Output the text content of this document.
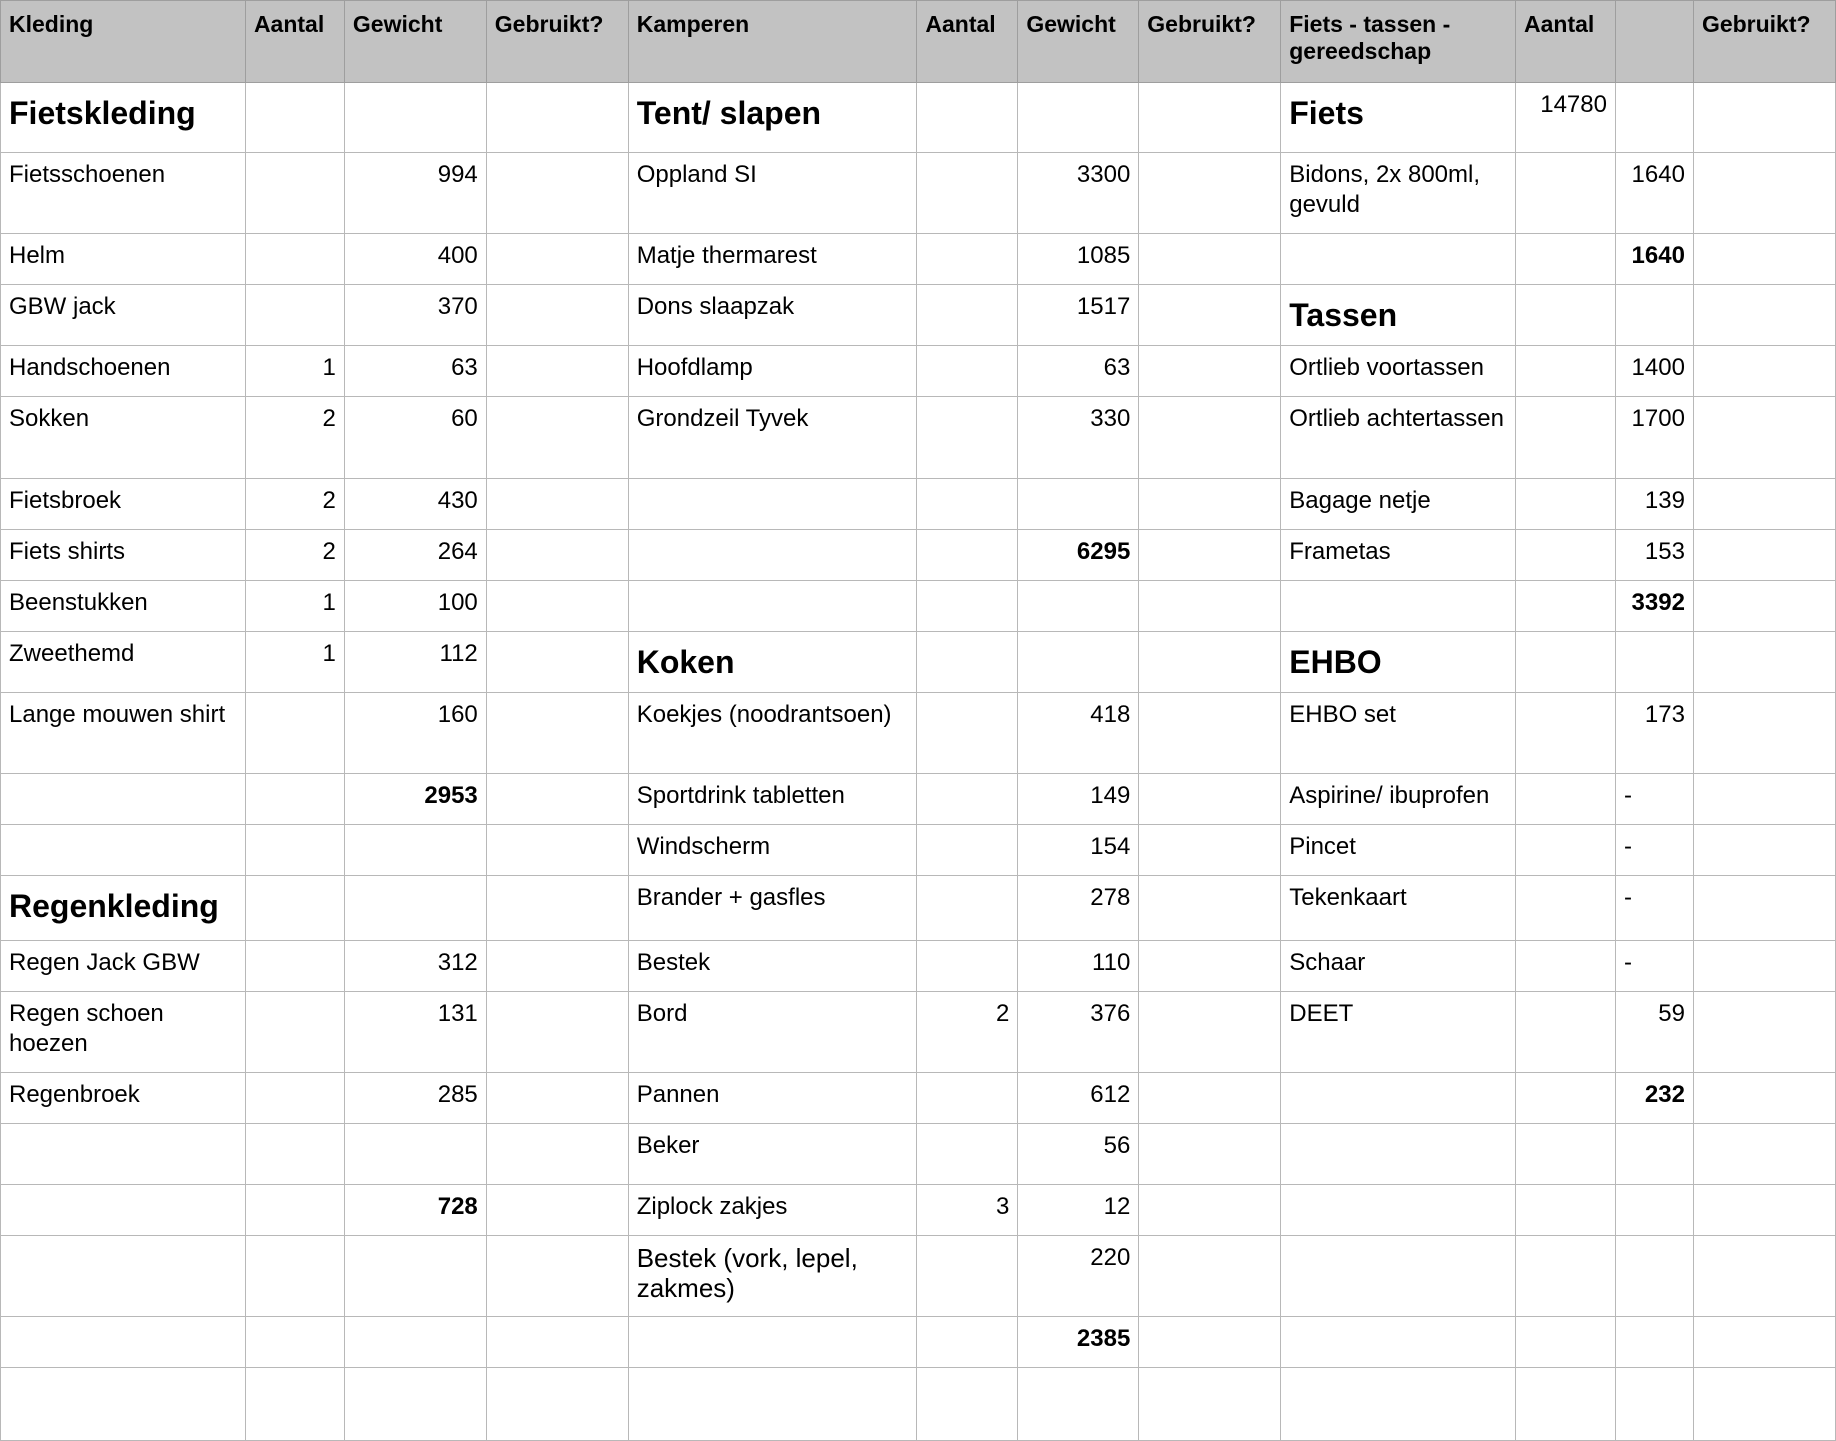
Kleding	Aantal	Gewicht	Gebruikt?	Kamperen	Aantal	Gewicht	Gebruikt?	Fiets - tassen - gereedschap	Aantal		Gebruikt?
Fietskleding				Tent/ slapen				Fiets	14780		
Fietsschoenen		994		Oppland SI		3300		Bidons, 2x 800ml, gevuld		1640	
Helm		400		Matje thermarest		1085				1640	
GBW jack		370		Dons slaapzak		1517		Tassen			
Handschoenen	1	63		Hoofdlamp		63		Ortlieb voortassen		1400	
Sokken	2	60		Grondzeil Tyvek		330		Ortlieb achtertassen		1700	
Fietsbroek	2	430						Bagage netje		139	
Fiets shirts	2	264				6295		Frametas		153	
Beenstukken	1	100								3392	
Zweethemd	1	112		Koken				EHBO			
Lange mouwen shirt		160		Koekjes (noodrantsoen)		418		EHBO set		173	
		2953		Sportdrink tabletten		149		Aspirine/ ibuprofen		-	
				Windscherm		154		Pincet		-	
Regenkleding				Brander + gasfles		278		Tekenkaart		-	
Regen Jack GBW		312		Bestek		110		Schaar		-	
Regen schoen hoezen		131		Bord	2	376		DEET		59	
Regenbroek		285		Pannen		612				232	
				Beker		56					
		728		Ziplock zakjes	3	12					
				Bestek (vork, lepel, zakmes)		220					
						2385					
